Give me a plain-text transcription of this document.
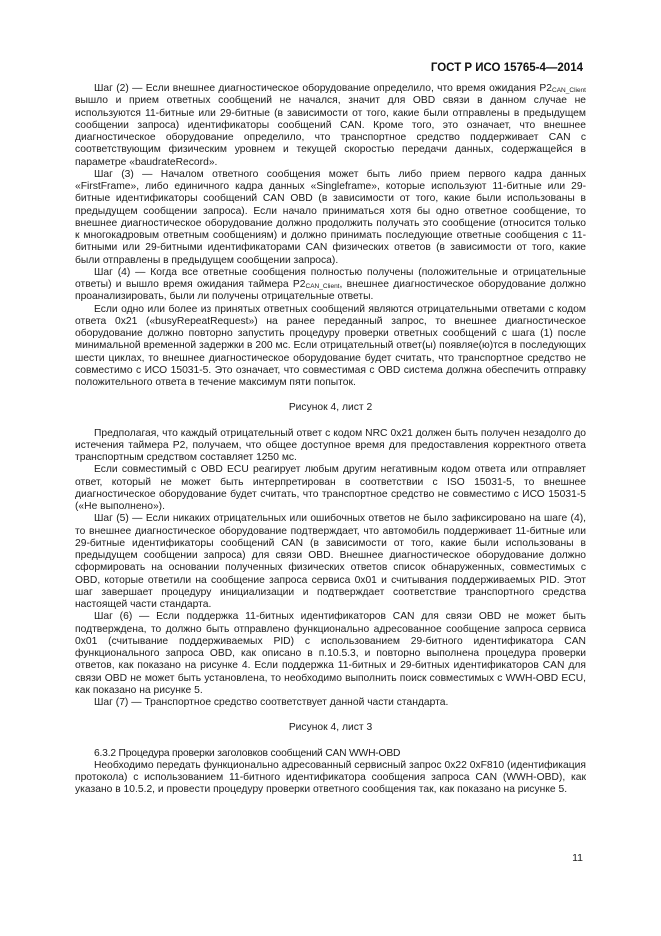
ГОСТ Р ИСО 15765-4—2014

Шаг (2) — Если внешнее диагностическое оборудование определило, что время ожидания $P2_{CAN\_Client}$ вышло и прием ответных сообщений не начался, значит для OBD связи в данном случае не используются 11-битные или 29-битные (в зависимости от того, какие были отправлены в предыдущем сообщении запроса) идентификаторы сообщений CAN. Кроме того, это означает, что внешнее диагностическое оборудование определило, что транспортное средство поддерживает CAN с соответствующим физическим уровнем и текущей скоростью передачи данных, содержащейся в параметре «baudrateRecord».

Шаг (3) — Началом ответного сообщения может быть либо прием первого кадра данных «FirstFrame», либо единичного кадра данных «Singleframe», которые используют 11-битные или 29-битные идентификаторы сообщений CAN OBD (в зависимости от того, какие были использованы в предыдущем сообщении запроса). Если начало приниматься хотя бы одно ответное сообщение, то внешнее диагностическое оборудование должно продолжить получать это сообщение (относится только к многокадровым ответным сообщениям) и должно принимать последующие ответные сообщения с 11-битными или 29-битными идентификаторами CAN физических ответов (в зависимости от того, какие были отправлены в предыдущем сообщении запроса).

Шаг (4) — Когда все ответные сообщения полностью получены (положительные и отрицательные ответы) и вышло время ожидания таймера $P2_{CAN\_Client}$, внешнее диагностическое оборудование должно проанализировать, были ли получены отрицательные ответы.

Если одно или более из принятых ответных сообщений являются отрицательными ответами с кодом ответа 0x21 («busyRepeatRequest») на ранее переданный запрос, то внешнее диагностическое оборудование должно повторно запустить процедуру проверки ответных сообщений с шага (1) после минимальной временной задержки в 200 мс. Если отрицательный ответ(ы) появляе(ю)тся в последующих шести циклах, то внешнее диагностическое оборудование будет считать, что транспортное средство не совместимо с ИСО 15031-5. Это означает, что совместимая с OBD система должна обеспечить отправку положительного ответа в течение максимум пяти попыток.

Рисунок 4, лист 2

Предполагая, что каждый отрицательный ответ с кодом NRC 0x21 должен быть получен незадолго до истечения таймера P2, получаем, что общее доступное время для предоставления корректного ответа транспортным средством составляет 1250 мс.

Если совместимый с OBD ECU реагирует любым другим негативным кодом ответа или отправляет ответ, который не может быть интерпретирован в соответствии с ISO 15031-5, то внешнее диагностическое оборудование будет считать, что транспортное средство не совместимо с ИСО 15031-5 («Не выполнено»).

Шаг (5) — Если никаких отрицательных или ошибочных ответов не было зафиксировано на шаге (4), то внешнее диагностическое оборудование подтверждает, что автомобиль поддерживает 11-битные или 29-битные идентификаторы сообщений CAN (в зависимости от того, какие были использованы в предыдущем сообщении запроса) для связи OBD. Внешнее диагностическое оборудование должно сформировать на основании полученных физических ответов список обнаруженных, совместимых с OBD, которые ответили на сообщение запроса сервиса 0x01 и считывания поддерживаемых PID. Этот шаг завершает процедуру инициализации и подтверждает соответствие транспортного средства настоящей части стандарта.

Шаг (6) — Если поддержка 11-битных идентификаторов CAN для связи OBD не может быть подтверждена, то должно быть отправлено функционально адресованное сообщение запроса сервиса 0x01 (считывание поддерживаемых PID) с использованием 29-битного идентификатора CAN функционального запроса OBD, как описано в п.10.5.3, и повторно выполнена процедура проверки ответов, как показано на рисунке 4. Если поддержка 11-битных и 29-битных идентификаторов CAN для связи OBD не может быть установлена, то необходимо выполнить поиск совместимых с WWH-OBD ECU, как показано на рисунке 5.

Шаг (7) — Транспортное средство соответствует данной части стандарта.

Рисунок 4, лист 3

6.3.2 Процедура проверки заголовков сообщений CAN WWH-OBD

Необходимо передать функционально адресованный сервисный запрос 0x22 0xF810 (идентификация протокола) с использованием 11-битного идентификатора сообщения запроса CAN (WWH-OBD), как указано в 10.5.2, и провести процедуру проверки ответного сообщения так, как показано на рисунке 5.

11
